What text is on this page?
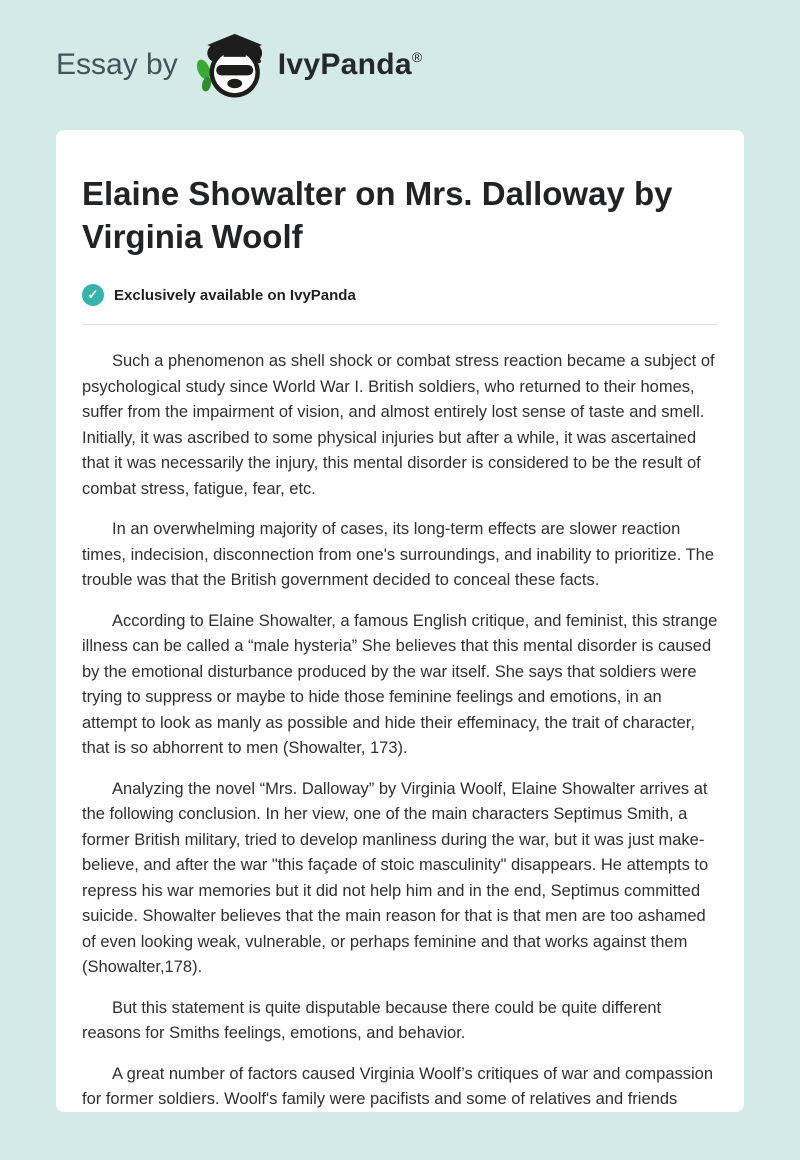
Essay by	IvyPanda®
Elaine Showalter on Mrs. Dalloway by Virginia Woolf
✓	Exclusively available on IvyPanda

Such a phenomenon as shell shock or combat stress reaction became a subject of psychological study since World War I. British soldiers, who returned to their homes, suffer from the impairment of vision, and almost entirely lost sense of taste and smell. Initially, it was ascribed to some physical injuries but after a while, it was ascertained that it was necessarily the injury, this mental disorder is considered to be the result of combat stress, fatigue, fear, etc.

In an overwhelming majority of cases, its long-term effects are slower reaction times, indecision, disconnection from one's surroundings, and inability to prioritize. The trouble was that the British government decided to conceal these facts.

According to Elaine Showalter, a famous English critique, and feminist, this strange illness can be called a “male hysteria” She believes that this mental disorder is caused by the emotional disturbance produced by the war itself. She says that soldiers were trying to suppress or maybe to hide those feminine feelings and emotions, in an attempt to look as manly as possible and hide their effeminacy, the trait of character, that is so abhorrent to men (Showalter, 173).

Analyzing the novel “Mrs. Dalloway” by Virginia Woolf, Elaine Showalter arrives at the following conclusion. In her view, one of the main characters Septimus Smith, a former British military, tried to develop manliness during the war, but it was just make-believe, and after the war "this façade of stoic masculinity" disappears. He attempts to repress his war memories but it did not help him and in the end, Septimus committed suicide. Showalter believes that the main reason for that is that men are too ashamed of even looking weak, vulnerable, or perhaps feminine and that works against them (Showalter,178).

But this statement is quite disputable because there could be quite different reasons for Smiths feelings, emotions, and behavior.

A great number of factors caused Virginia Woolf’s critiques of war and compassion for former soldiers. Woolf's family were pacifists and some of relatives and friends
